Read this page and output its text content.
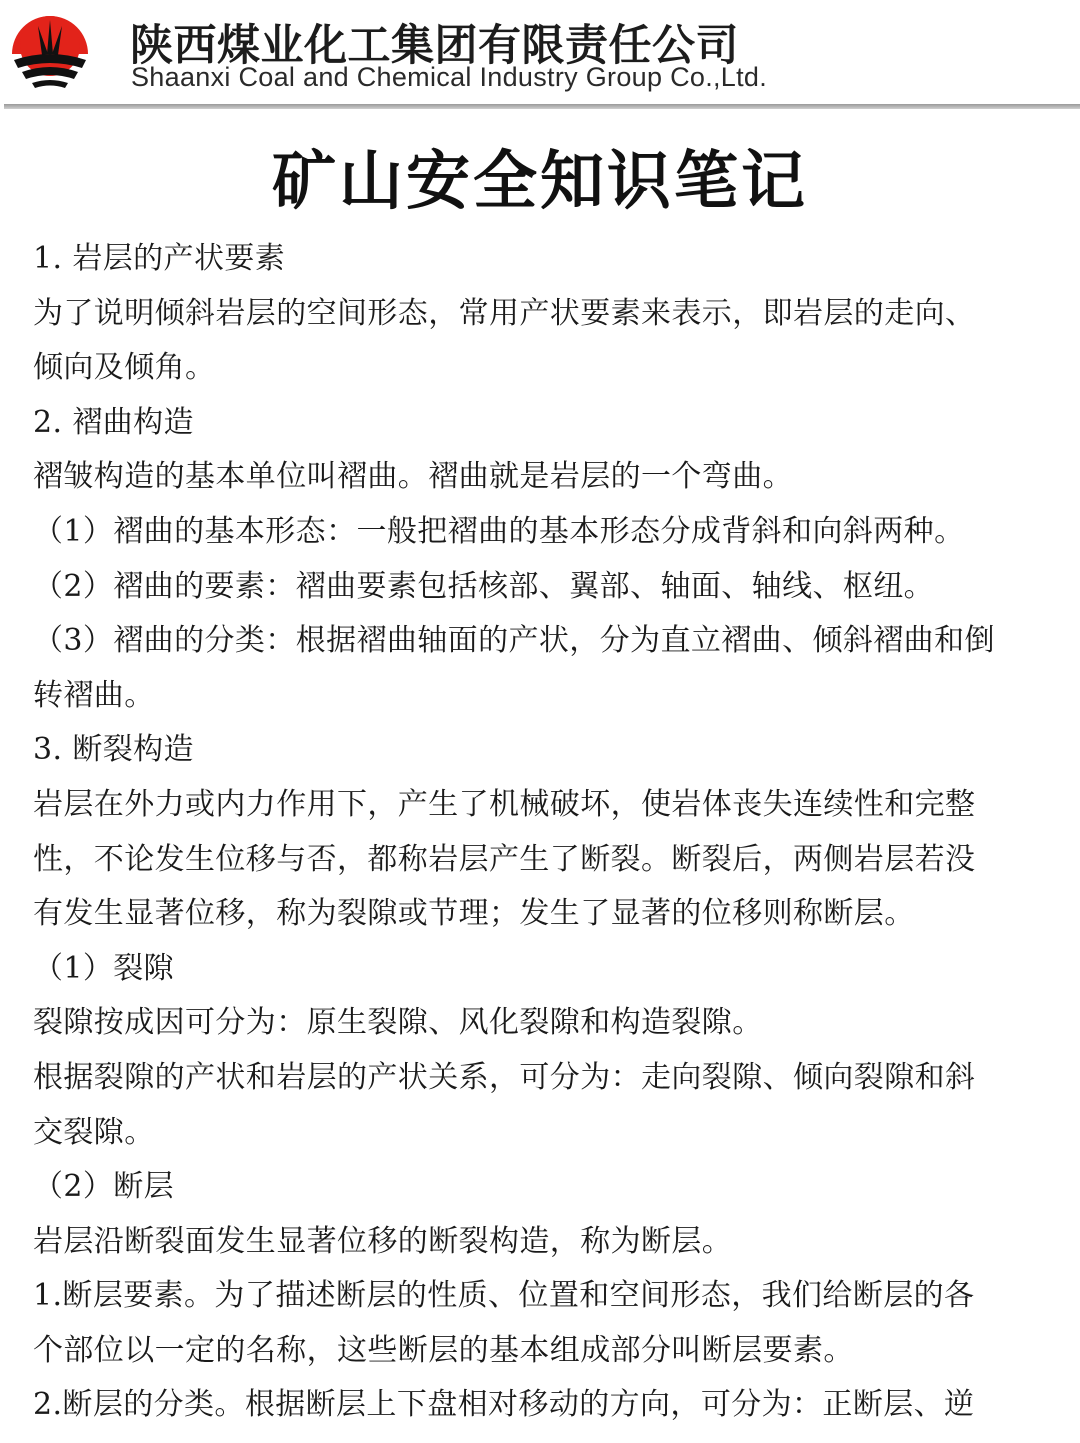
陕西煤业化工集团有限责任公司
Shaanxi Coal and Chemical Industry Group Co.,Ltd.
矿山安全知识笔记

1. 岩层的产状要素

为了说明倾斜岩层的空间形态，常用产状要素来表示，即岩层的走向、

倾向及倾角。

2. 褶曲构造

褶皱构造的基本单位叫褶曲。褶曲就是岩层的一个弯曲。

（1）褶曲的基本形态：一般把褶曲的基本形态分成背斜和向斜两种。

（2）褶曲的要素：褶曲要素包括核部、翼部、轴面、轴线、枢纽。

（3）褶曲的分类：根据褶曲轴面的产状，分为直立褶曲、倾斜褶曲和倒

转褶曲。

3. 断裂构造

岩层在外力或内力作用下，产生了机械破坏，使岩体丧失连续性和完整

性，不论发生位移与否，都称岩层产生了断裂。断裂后，两侧岩层若没

有发生显著位移，称为裂隙或节理；发生了显著的位移则称断层。

（1）裂隙

裂隙按成因可分为：原生裂隙、风化裂隙和构造裂隙。

根据裂隙的产状和岩层的产状关系，可分为：走向裂隙、倾向裂隙和斜

交裂隙。

（2）断层

岩层沿断裂面发生显著位移的断裂构造，称为断层。

1.断层要素。为了描述断层的性质、位置和空间形态，我们给断层的各

个部位以一定的名称，这些断层的基本组成部分叫断层要素。

2.断层的分类。根据断层上下盘相对移动的方向，可分为：正断层、逆
